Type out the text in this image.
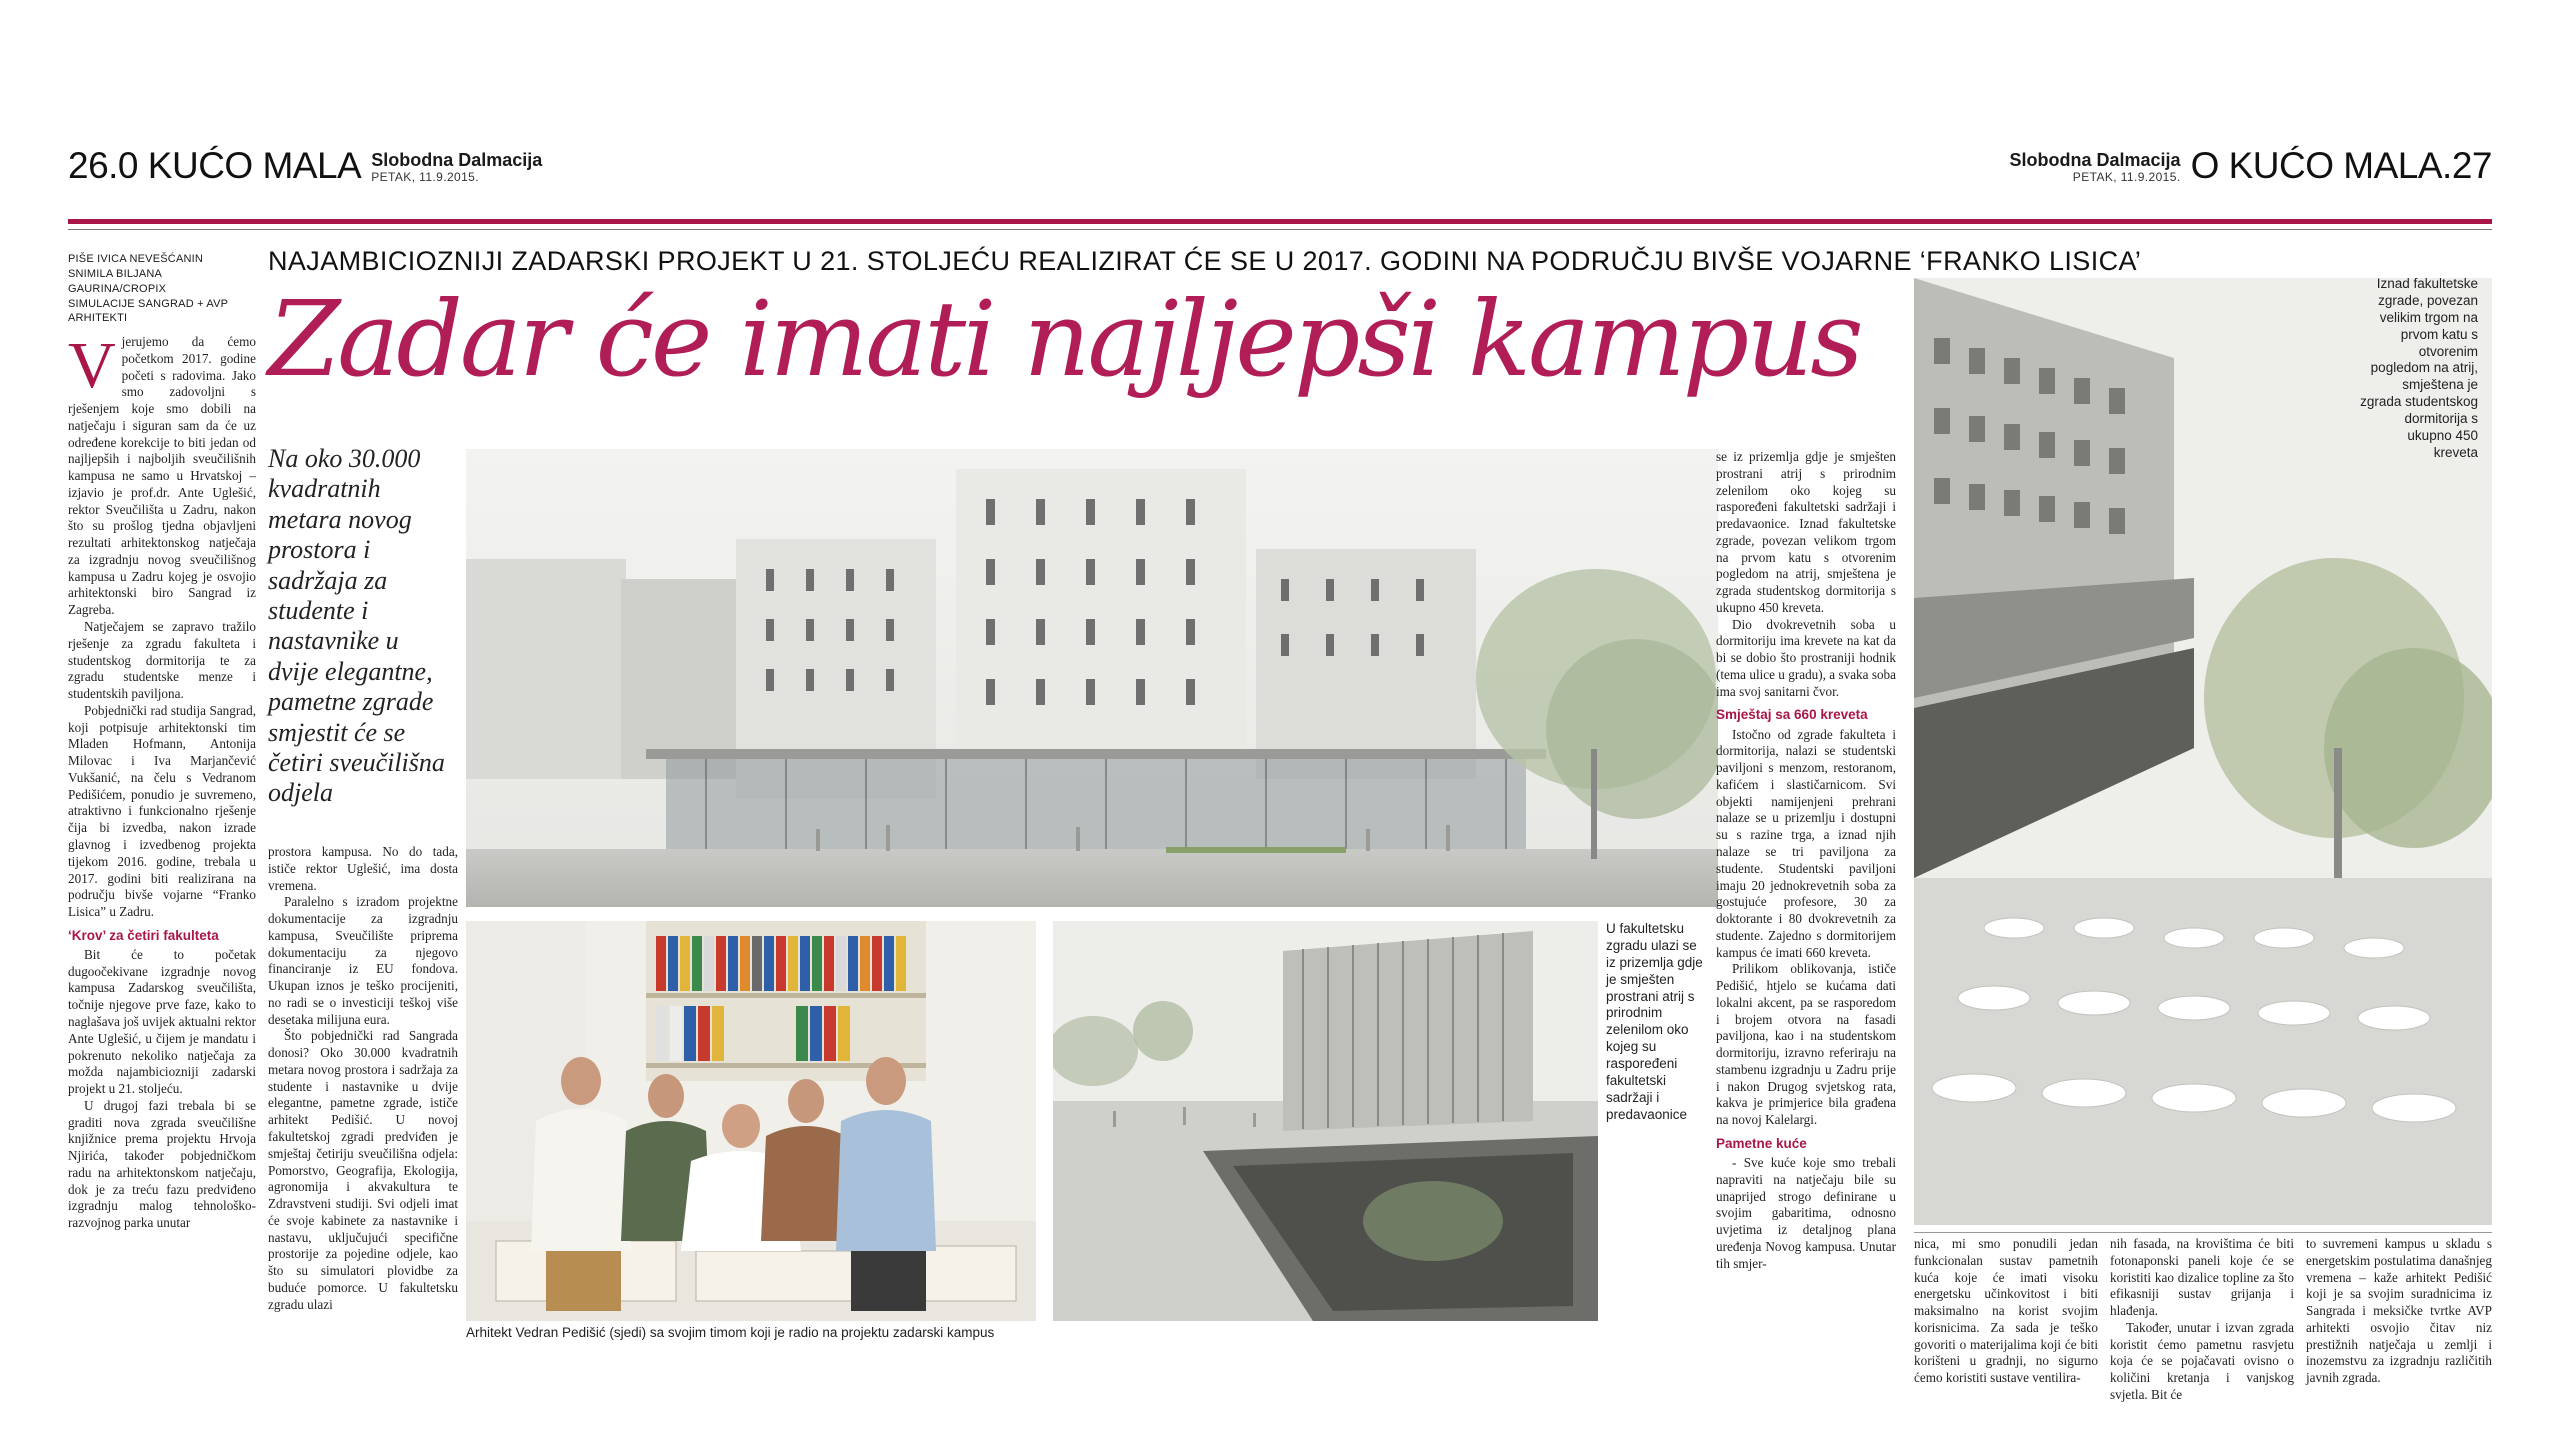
26.0 KUĆO MALA Slobodna Dalmacija
PETAK, 11.9.2015.
Slobodna Dalmacija
PETAK, 11.9.2015. O KUĆO MALA.27
PIŠE IVICA NEVEŠĆANIN
SNIMILA BILJANA GAURINA/CROPIX
SIMULACIJE SANGRAD + AVP ARHITEKTI
NAJAMBICIOZNIJI ZADARSKI PROJEKT U 21. STOLJEĆU REALIZIRAT ĆE SE U 2017. GODINI NA PODRUČJU BIVŠE VOJARNE ‘FRANKO LISICA’
Zadar će imati najljepši kampus
V jerujemo da ćemo početkom 2017. godine početi s radovima. Jako smo zadovoljni s rješenjem koje smo dobili na natječaju i siguran sam da će uz određene korekcije to biti jedan od najljepših i najboljih sveučilišnih kampusa ne samo u Hrvatskoj – izjavio je prof.dr. Ante Uglešić, rektor Sveučilišta u Zadru, nakon što su prošlog tjedna objavljeni rezultati arhitektonskog natječaja za izgradnju novog sveučilišnog kampusa u Zadru kojeg je osvojio arhitektonski biro Sangrad iz Zagreba.

Natječajem se zapravo tražilo rješenje za zgradu fakulteta i studentskog dormitorija te za zgradu studentske menze i studentskih paviljona.

Pobjednički rad studija Sangrad, koji potpisuje arhitektonski tim Mladen Hofmann, Antonija Milovac i Iva Marjančević Vukšanić, na čelu s Vedranom Pedišićem, ponudio je suvremeno, atraktivno i funkcionalno rješenje čija bi izvedba, nakon izrade glavnog i izvedbenog projekta tijekom 2016. godine, trebala u 2017. godini biti realizirana na području bivše vojarne “Franko Lisica” u Zadru.

‘Krov’ za četiri fakulteta

Bit će to početak dugoočekivane izgradnje novog kampusa Zadarskog sveučilišta, točnije njegove prve faze, kako to naglašava još uvijek aktualni rektor Ante Uglešić, u čijem je mandatu i pokrenuto nekoliko natječaja za možda najambiciozniji zadarski projekt u 21. stoljeću.

U drugoj fazi trebala bi se graditi nova zgrada sveučilišne knjižnice prema projektu Hrvoja Njirića, također pobjedničkom radu na arhitektonskom natječaju, dok je za treću fazu predviđeno izgradnju malog tehnološko-razvojnog parka unutar

Na oko 30.000 kvadratnih metara novog prostora i sadržaja za studente i nastavnike u dvije elegantne, pametne zgrade smjestit će se četiri sveučilišna odjela

prostora kampusa. No do tada, ističe rektor Uglešić, ima dosta vremena.

Paralelno s izradom projektne dokumentacije za izgradnju kampusa, Sveučilište priprema dokumentaciju za njegovo financiranje iz EU fondova. Ukupan iznos je teško procijeniti, no radi se o investiciji teškoj više desetaka milijuna eura.

Što pobjednički rad Sangrada donosi? Oko 30.000 kvadratnih metara novog prostora i sadržaja za studente i nastavnike u dvije elegantne, pametne zgrade, ističe arhitekt Pedišić. U novoj fakultetskoj zgradi predviđen je smještaj četiriju sveučilišna odjela: Pomorstvo, Geografija, Ekologija, agronomija i akvakultura te Zdravstveni studiji. Svi odjeli imat će svoje kabinete za nastavnike i nastavu, uključujući specifične prostorije za pojedine odjele, kao što su simulatori plovidbe za buduće pomorce. U fakultetsku zgradu ulazi

Arhitekt Vedran Pedišić (sjedi) sa svojim timom koji je radio na projektu zadarski kampus
U fakultetsku zgradu ulazi se iz prizemlja gdje je smješten prostrani atrij s prirodnim zelenilom oko kojeg su raspoređeni fakultetski sadržaji i predavaonice

se iz prizemlja gdje je smješten prostrani atrij s prirodnim zelenilom oko kojeg su raspoređeni fakultetski sadržaji i predavaonice. Iznad fakultetske zgrade, povezan velikom trgom na prvom katu s otvorenim pogledom na atrij, smještena je zgrada studentskog dormitorija s ukupno 450 kreveta.

Dio dvokrevetnih soba u dormitoriju ima krevete na kat da bi se dobio što prostraniji hodnik (tema ulice u gradu), a svaka soba ima svoj sanitarni čvor.

Smještaj sa 660 kreveta

Istočno od zgrade fakulteta i dormitorija, nalazi se studentski paviljoni s menzom, restoranom, kafićem i slastičarnicom. Svi objekti namijenjeni prehrani nalaze se u prizemlju i dostupni su s razine trga, a iznad njih nalaze se tri paviljona za studente. Studentski paviljoni imaju 20 jednokrevetnih soba za gostujuće profesore, 30 za doktorante i 80 dvokrevetnih za studente. Zajedno s dormitorijem kampus će imati 660 kreveta.

Prilikom oblikovanja, ističe Pedišić, htjelo se kućama dati lokalni akcent, pa se rasporedom i brojem otvora na fasadi paviljona, kao i na studentskom dormitoriju, izravno referiraju na stambenu izgradnju u Zadru prije i nakon Drugog svjetskog rata, kakva je primjerice bila građena na novoj Kalelargi.

Pametne kuće

- Sve kuće koje smo trebali napraviti na natječaju bile su unaprijed strogo definirane u svojim gabaritima, odnosno uvjetima iz detaljnog plana uređenja Novog kampusa. Unutar tih smjer-

Iznad fakultetske zgrade, povezan velikim trgom na prvom katu s otvorenim pogledom na atrij, smještena je zgrada studentskog dormitorija s ukupno 450 kreveta

nica, mi smo ponudili jedan funkcionalan sustav pametnih kuća koje će imati visoku energetsku učinkovitost i biti maksimalno na korist svojim korisnicima. Za sada je teško govoriti o materijalima koji će biti korišteni u gradnji, no sigurno ćemo koristiti sustave ventilira-

nih fasada, na krovištima će biti fotonaponski paneli koje će se koristiti kao dizalice topline za što efikasniji sustav grijanja i hlađenja.

Također, unutar i izvan zgrada koristit ćemo pametnu rasvjetu koja će se pojačavati ovisno o količini kretanja i vanjskog svjetla. Bit će

to suvremeni kampus u skladu s energetskim postulatima današnjeg vremena – kaže arhitekt Pedišić koji je sa svojim suradnicima iz Sangrada i meksičke tvrtke AVP arhitekti osvojio čitav niz prestižnih natječaja u zemlji i inozemstvu za izgradnju različitih javnih zgrada.
